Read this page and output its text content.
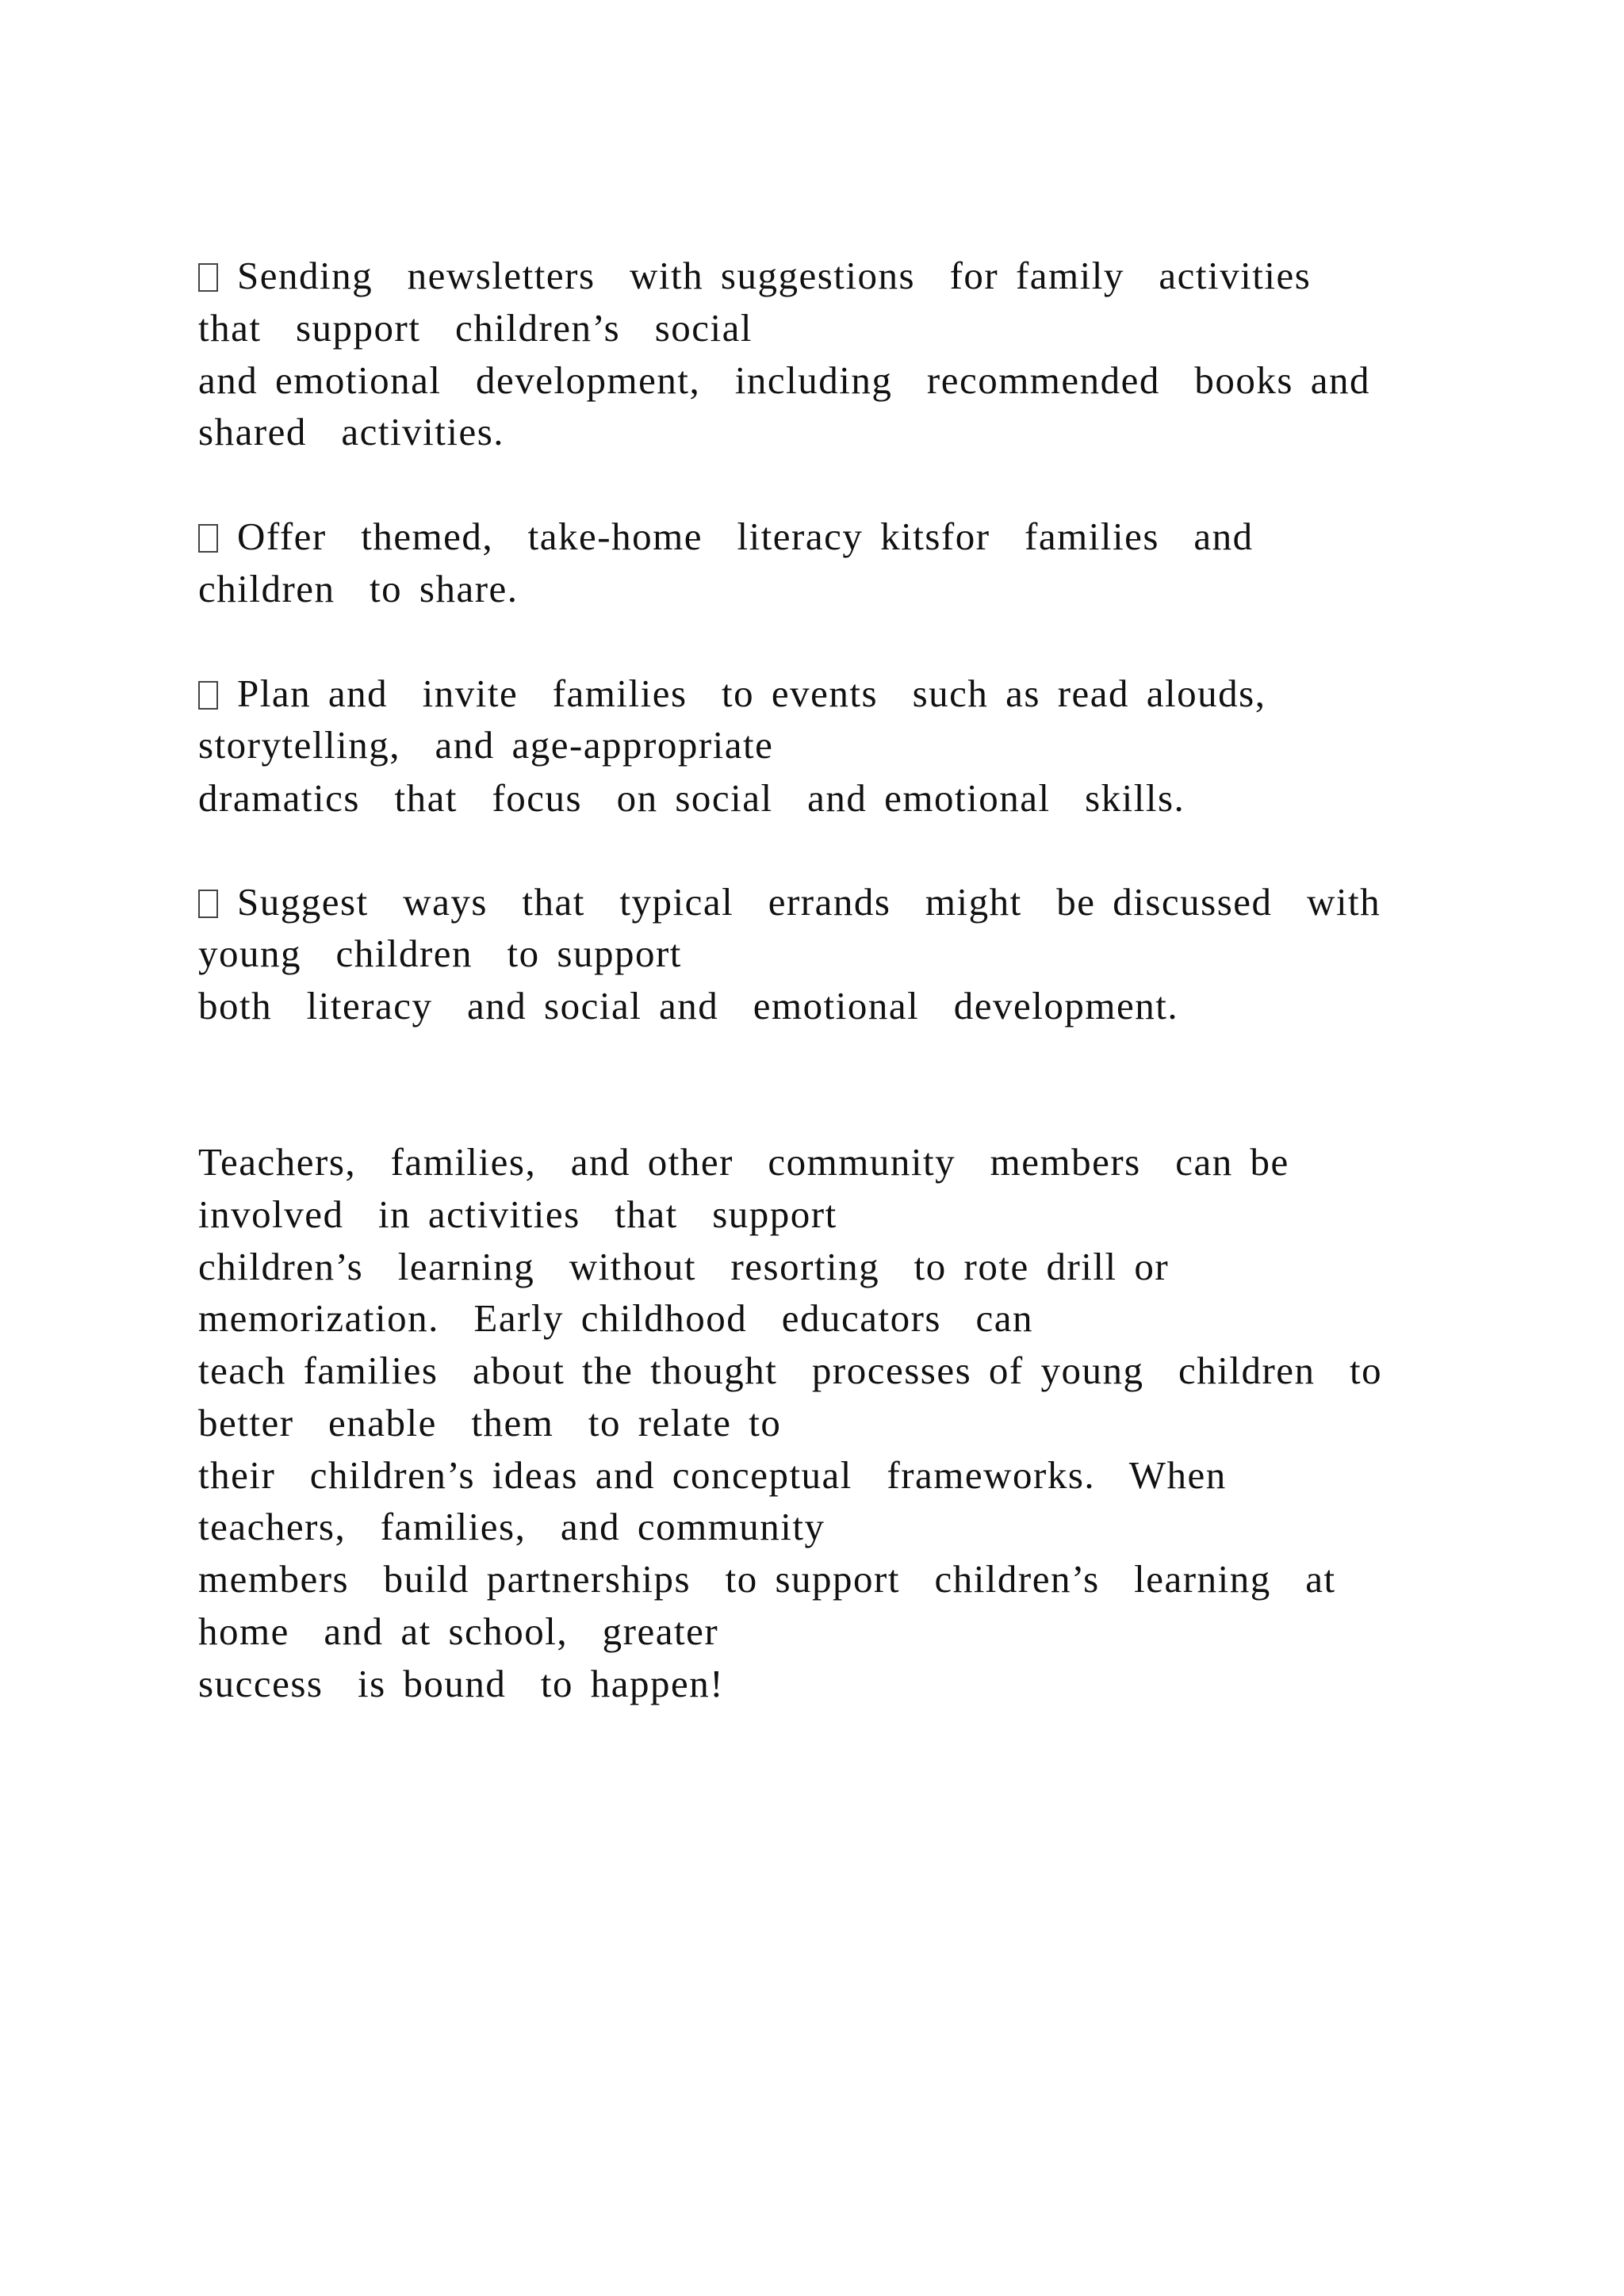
Sending  newsletters  with suggestions  for family  activities

that  support  children’s  social

and emotional  development,  including  recommended  books and

shared  activities.

Offer  themed,  take-home  literacy kitsfor  families  and

children  to share.

Plan and  invite  families  to events  such as read alouds,

storytelling,  and age-appropriate

dramatics  that  focus  on social  and emotional  skills.

Suggest  ways  that  typical  errands  might  be discussed  with

young  children  to support

both  literacy  and social and  emotional  development.

Teachers,  families,  and other  community  members  can be

involved  in activities  that  support

children’s  learning  without  resorting  to rote drill or

memorization.  Early childhood  educators  can

teach families  about the thought  processes of young  children  to

better  enable  them  to relate to

their  children’s ideas and conceptual  frameworks.  When

teachers,  families,  and community

members  build partnerships  to support  children’s  learning  at

home  and at school,  greater

success  is bound  to happen!
